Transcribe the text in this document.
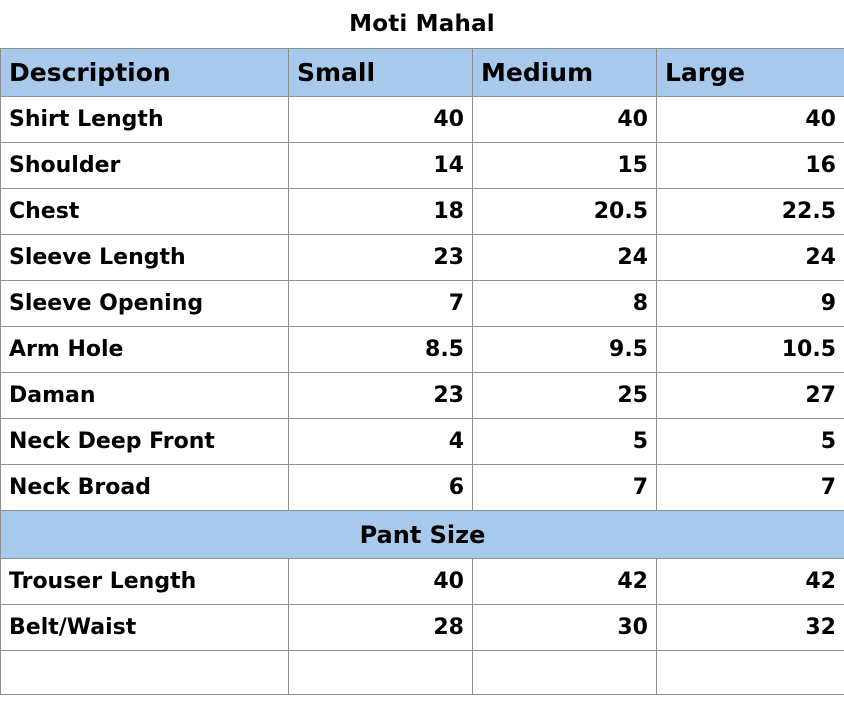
Moti Mahal
Description	Small	Medium	Large
Shirt Length	40	40	40
Shoulder	14	15	16
Chest	18	20.5	22.5
Sleeve Length	23	24	24
Sleeve Opening	7	8	9
Arm Hole	8.5	9.5	10.5
Daman	23	25	27
Neck Deep Front	4	5	5
Neck Broad	6	7	7
Pant Size			
Trouser Length	40	42	42
Belt/Waist	28	30	32
